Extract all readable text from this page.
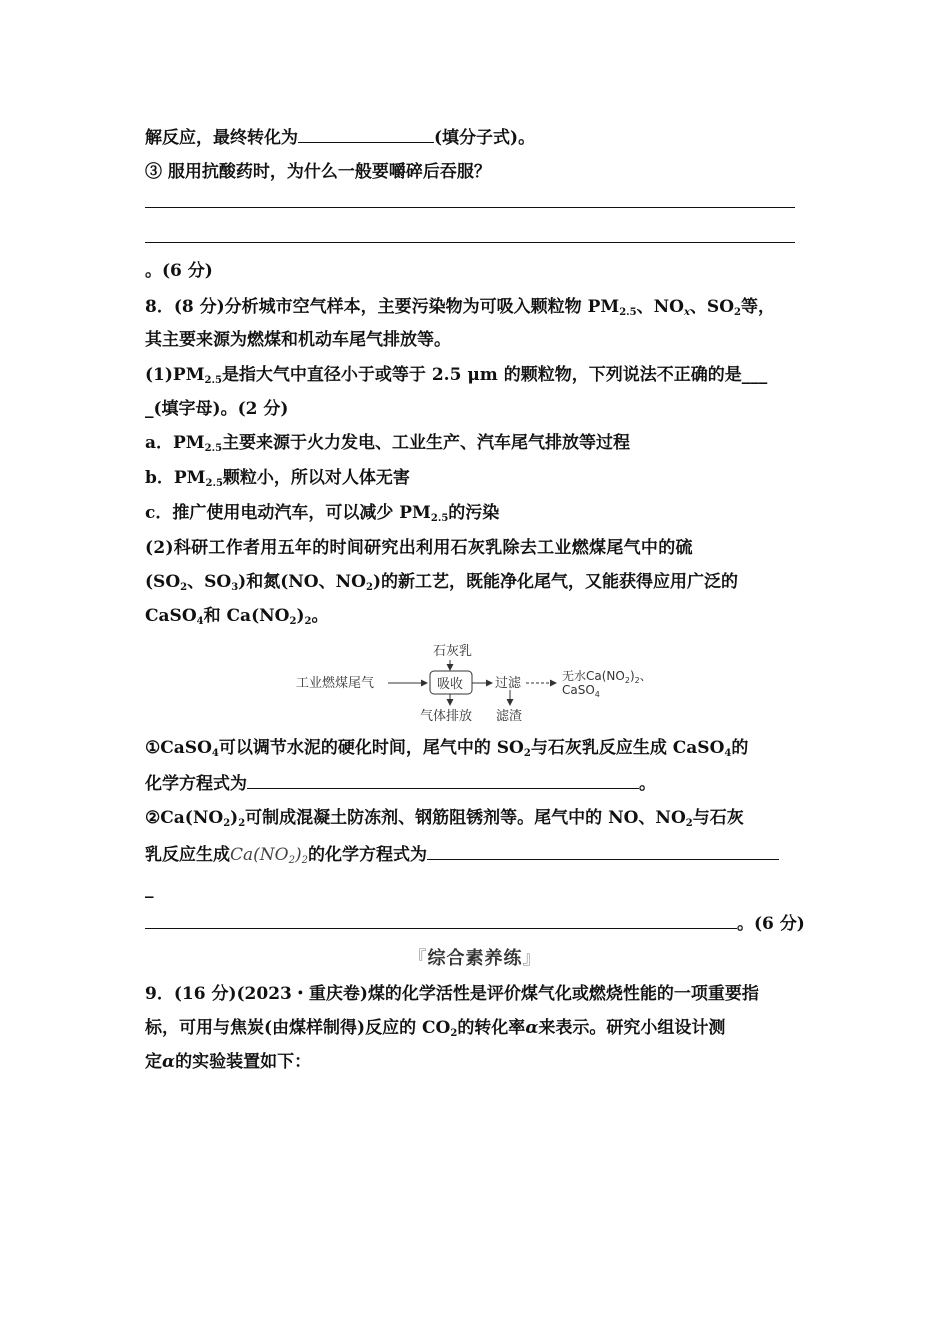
解反应，最终转化为	(填分子式)。
③ 服用抗酸药时，为什么一般要嚼碎后吞服？
。(6 分)
8．(8 分)分析城市空气样本，主要污染物为可吸入颗粒物 $PM_{2.5}$、$NO_x$、$SO_2$等，
其主要来源为燃煤和机动车尾气排放等。
$(1)PM_{2.5}$是指大气中直径小于或等于 2.5 μm 的颗粒物，下列说法不正确的是___
_(填字母)。(2 分)
a．$PM_{2.5}$主要来源于火力发电、工业生产、汽车尾气排放等过程
b．$PM_{2.5}$颗粒小，所以对人体无害
c．推广使用电动汽车，可以减少 $PM_{2.5}$的污染
(2)科研工作者用五年的时间研究出利用石灰乳除去工业燃煤尾气中的硫
($SO_2$、$SO_3$)和氮(NO、$NO_2$)的新工艺，既能净化尾气，又能获得应用广泛的
CaSO$_4$和 $Ca(NO_2)_2$。
石灰乳
工业燃煤尾气	吸收 过滤	无水$Ca(NO_2)_2$、
CaSO$_4$
气体排放 滤渣
①CaSO$_4$可以调节水泥的硬化时间，尾气中的 $SO_2$与石灰乳反应生成 CaSO$_4$的
化学方程式为	。
$②Ca(NO_2)_2$可制成混凝土防冻剂、钢筋阻锈剂等。尾气中的 NO、$NO_2$与石灰
乳反应生成$Ca(NO_2)_2$的化学方程式为
_
。(6 分)
『综合素养练』
9．(16 分)(2023・重庆卷)煤的化学活性是评价煤气化或燃烧性能的一项重要指
标，可用与焦炭(由煤样制得)反应的 $CO_2$的转化率α来表示。研究小组设计测
定α的实验装置如下：
